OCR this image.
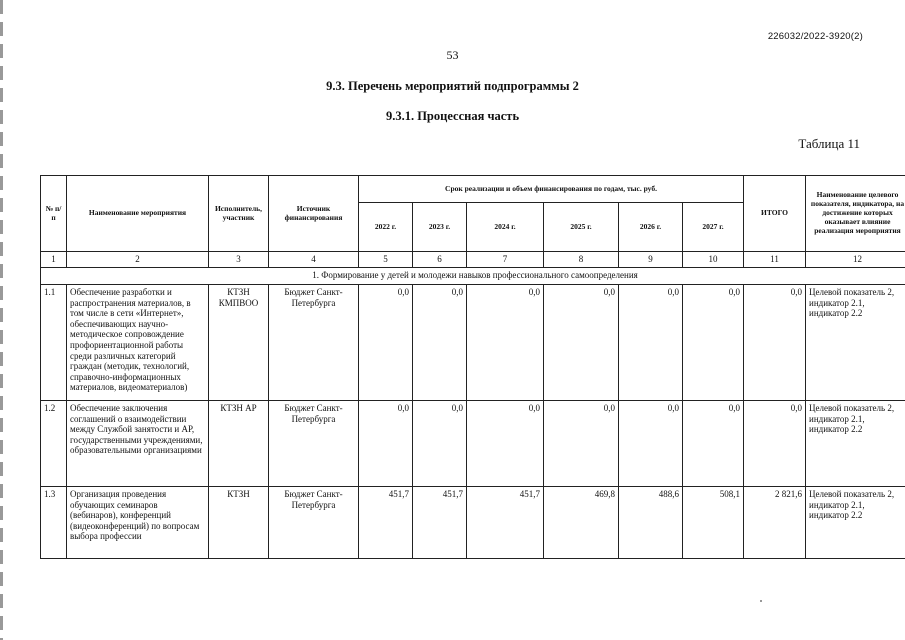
226032/2022-3920(2)
53
9.3. Перечень мероприятий подпрограммы 2
9.3.1. Процессная часть
Таблица 11
№ п/п	Наименование мероприятия	Исполнитель, участник	Источник финансирования	Срок реализации и объем финансирования по годам, тыс. руб.						ИТОГО	Наименование целевого показателя, индикатора, на достижение которых оказывает влияние реализация мероприятия
				2022 г.	2023 г.	2024 г.	2025 г.	2026 г.	2027 г.		
1	2	3	4	5	6	7	8	9	10	11	12
1. Формирование у детей и молодежи навыков профессионального самоопределения											
1.1	Обеспечение разработки и распространения материалов, в том числе в сети «Интернет», обеспечивающих научно-методическое сопровождение профориентационной работы среди различных категорий граждан (методик, технологий, справочно-информационных материалов, видеоматериалов)	КТЗН КМПВОО	Бюджет Санкт-Петербурга	0,0	0,0	0,0	0,0	0,0	0,0	0,0	Целевой показатель 2, индикатор 2.1, индикатор 2.2
1.2	Обеспечение заключения соглашений о взаимодействии между Службой занятости и АР, государственными учреждениями, образовательными организациями	КТЗН АР	Бюджет Санкт-Петербурга	0,0	0,0	0,0	0,0	0,0	0,0	0,0	Целевой показатель 2, индикатор 2.1, индикатор 2.2
1.3	Организация проведения обучающих семинаров (вебинаров), конференций (видеоконференций) по вопросам выбора профессии	КТЗН	Бюджет Санкт-Петербурга	451,7	451,7	451,7	469,8	488,6	508,1	2 821,6	Целевой показатель 2, индикатор 2.1, индикатор 2.2
